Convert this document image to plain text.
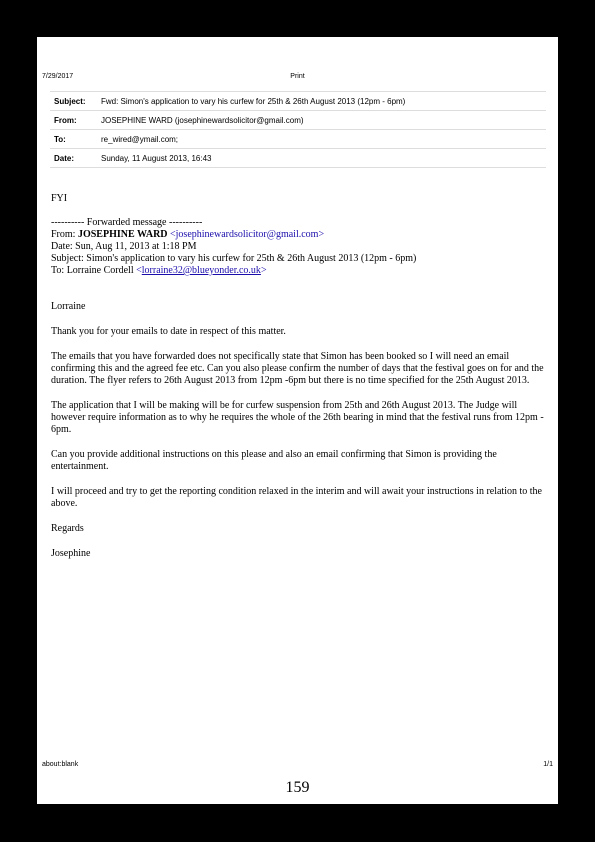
7/29/2017	Print
Subject:	Fwd: Simon's application to vary his curfew for 25th & 26th August 2013 (12pm - 6pm)
From:	JOSEPHINE WARD (josephinewardsolicitor@gmail.com)
To:	re_wired@ymail.com;
Date:	Sunday, 11 August 2013, 16:43

FYI

---------- Forwarded message ----------

From: JOSEPHINE WARD <josephinewardsolicitor@gmail.com>

Date: Sun, Aug 11, 2013 at 1:18 PM

Subject: Simon's application to vary his curfew for 25th & 26th August 2013 (12pm - 6pm)

To: Lorraine Cordell <lorraine32@blueyonder.co.uk>

Lorraine

Thank you for your emails to date in respect of this matter.

The emails that you have forwarded does not specifically state that Simon has been booked so I will need an email confirming this and the agreed fee etc. Can you also please confirm the number of days that the festival goes on for and the duration. The flyer refers to 26th August 2013 from 12pm -6pm but there is no time specified for the 25th August 2013.

The application that I will be making will be for curfew suspension from 25th and 26th August 2013. The Judge will however require information as to why he requires the whole of the 26th bearing in mind that the festival runs from 12pm - 6pm.

Can you provide additional instructions on this please and also an email confirming that Simon is providing the entertainment.

I will proceed and try to get the reporting condition relaxed in the interim and will await your instructions in relation to the above.

Regards

Josephine

about:blank	1/1
159
